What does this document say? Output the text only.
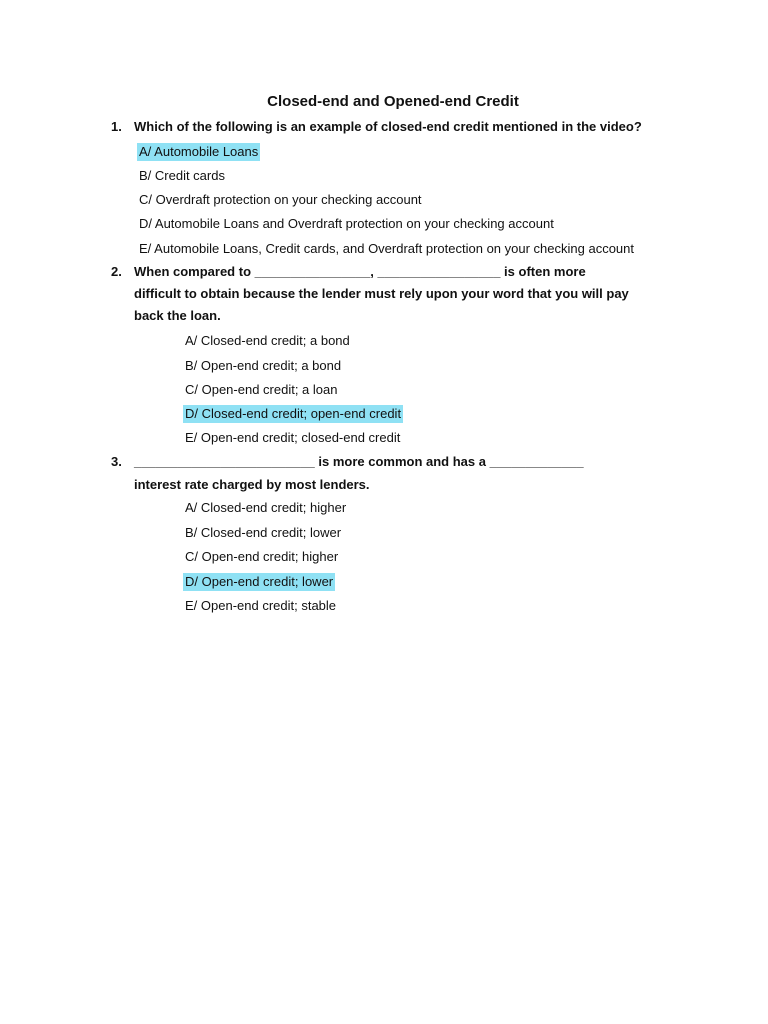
Closed-end and Opened-end Credit
1. Which of the following is an example of closed-end credit mentioned in the video?
A/ Automobile Loans
B/ Credit cards
C/ Overdraft protection on your checking account
D/ Automobile Loans and Overdraft protection on your checking account
E/ Automobile Loans, Credit cards, and Overdraft protection on your checking account
2. When compared to ________________, _________________ is often more
difficult to obtain because the lender must rely upon your word that you will pay
back the loan.
A/ Closed-end credit; a bond
B/ Open-end credit; a bond
C/ Open-end credit; a loan
D/ Closed-end credit; open-end credit
E/ Open-end credit; closed-end credit
3. _________________________ is more common and has a _____________
interest rate charged by most lenders.
A/ Closed-end credit; higher
B/ Closed-end credit; lower
C/ Open-end credit; higher
D/ Open-end credit; lower
E/ Open-end credit; stable
